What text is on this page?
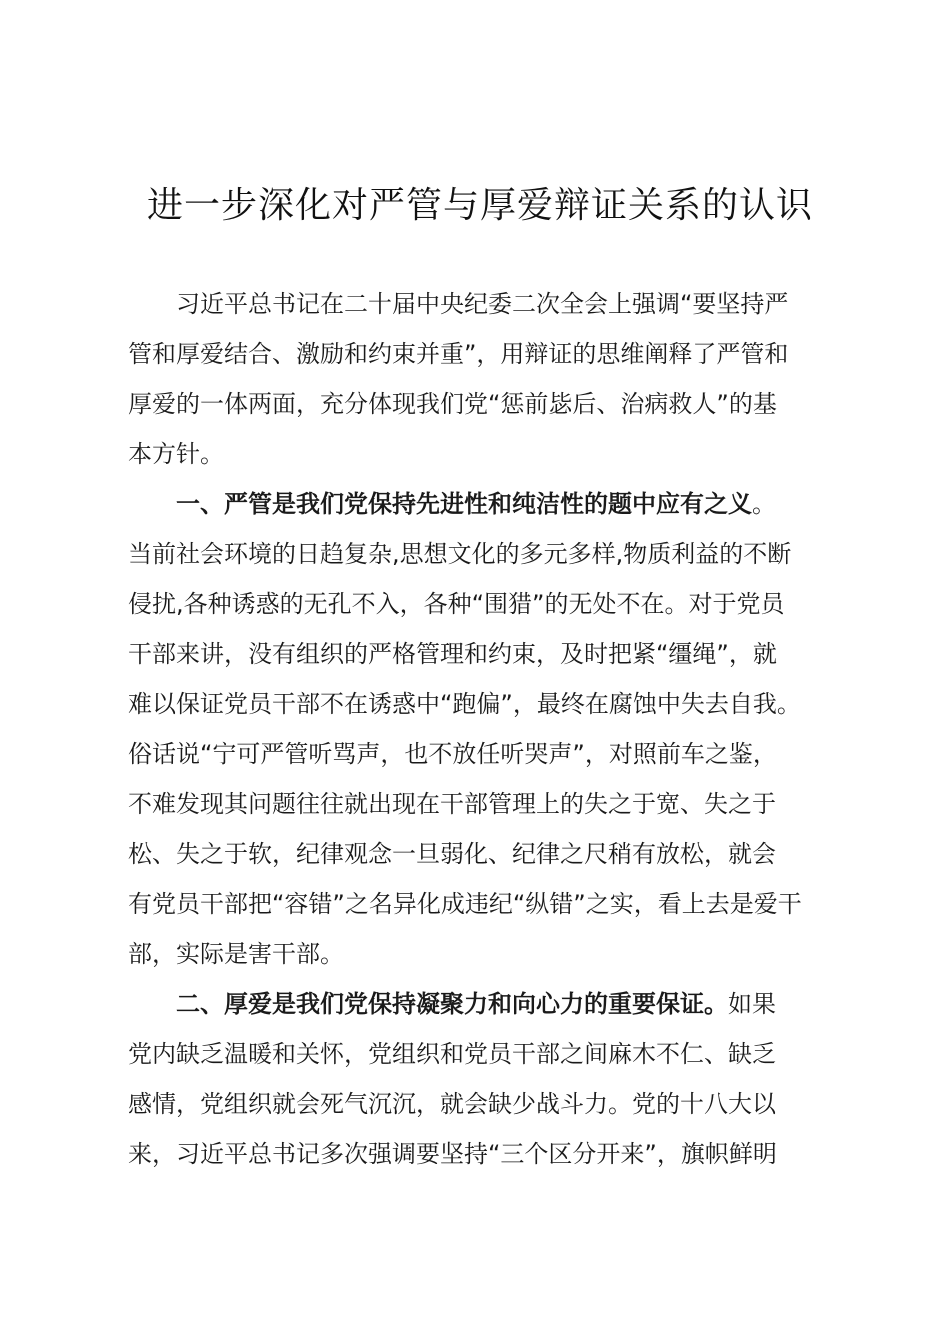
进一步深化对严管与厚爱辩证关系的认识
习近平总书记在二十届中央纪委二次全会上强调“要坚持严
管和厚爱结合、激励和约束并重”，用辩证的思维阐释了严管和
厚爱的一体两面，充分体现我们党“惩前毖后、治病救人”的基
本方针。
一、严管是我们党保持先进性和纯洁性的题中应有之义。
当前社会环境的日趋复杂,思想文化的多元多样,物质利益的不断
侵扰,各种诱惑的无孔不入，各种“围猎”的无处不在。对于党员
干部来讲，没有组织的严格管理和约束，及时把紧“缰绳”，就
难以保证党员干部不在诱惑中“跑偏”，最终在腐蚀中失去自我。
俗话说“宁可严管听骂声，也不放任听哭声”，对照前车之鉴，
不难发现其问题往往就出现在干部管理上的失之于宽、失之于
松、失之于软，纪律观念一旦弱化、纪律之尺稍有放松，就会
有党员干部把“容错”之名异化成违纪“纵错”之实，看上去是爱干
部，实际是害干部。
二、厚爱是我们党保持凝聚力和向心力的重要保证。如果
党内缺乏温暖和关怀，党组织和党员干部之间麻木不仁、缺乏
感情，党组织就会死气沉沉，就会缺少战斗力。党的十八大以
来，习近平总书记多次强调要坚持“三个区分开来”，旗帜鲜明
